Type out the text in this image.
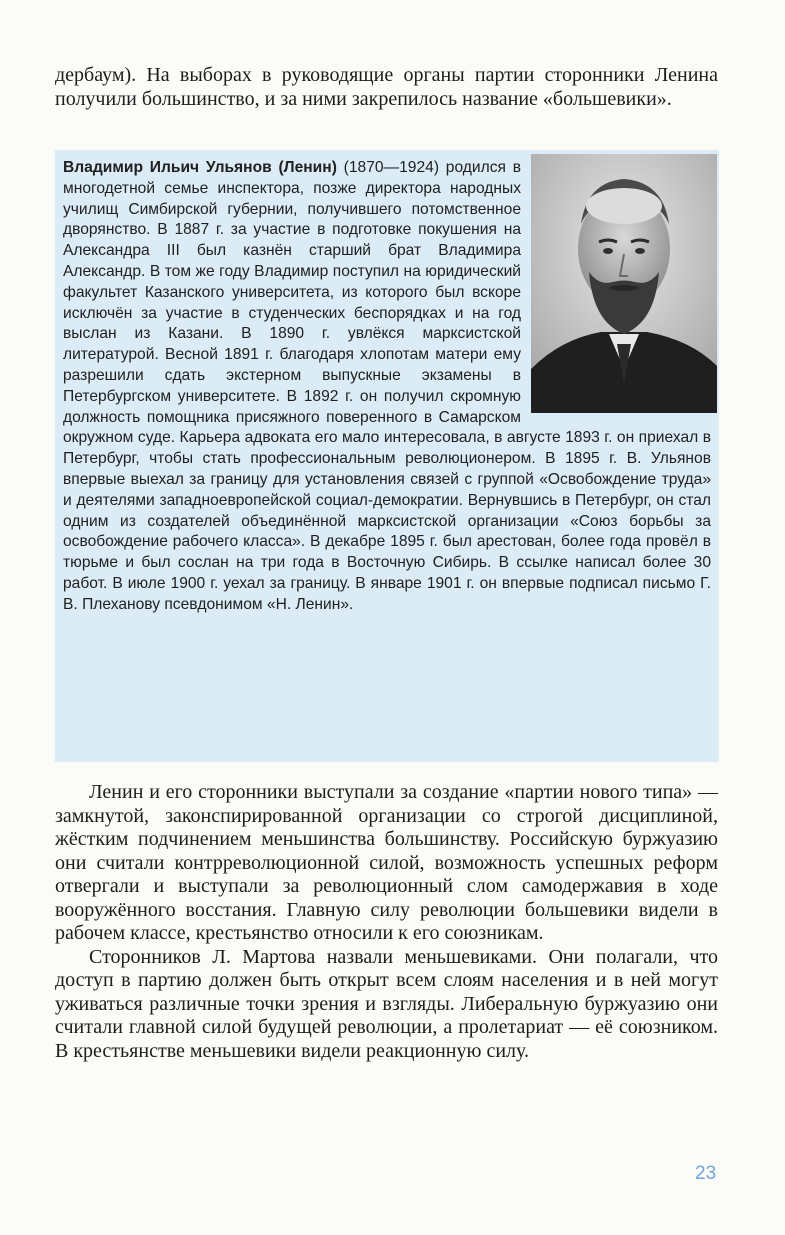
дербаум). На выборах в руководящие органы партии сторонники Ленина получили большинство, и за ними закрепилось название «большевики».

Владимир Ильич Ульянов (Ленин) (1870—1924) родился в многодетной семье инспектора, позже директора народных училищ Симбирской губернии, получившего потомственное дворянство. В 1887 г. за участие в подготовке покушения на Александра III был казнён старший брат Владимира Александр. В том же году Владимир поступил на юридический факультет Казанского университета, из которого был вскоре исключён за участие в студенческих беспорядках и на год выслан из Казани. В 1890 г. увлёкся марксистской литературой. Весной 1891 г. благодаря хлопотам матери ему разрешили сдать экстерном выпускные экзамены в Петербургском университете. В 1892 г. он получил скромную должность помощника присяжного поверенного в Самарском окружном суде. Карьера адвоката его мало интересовала, в августе 1893 г. он приехал в Петербург, чтобы стать профессиональным революционером. В 1895 г. В. Ульянов впервые выехал за границу для установления связей с группой «Освобождение труда» и деятелями западноевропейской социал-демократии. Вернувшись в Петербург, он стал одним из создателей объединённой марксистской организации «Союз борьбы за освобождение рабочего класса». В декабре 1895 г. был арестован, более года провёл в тюрьме и был сослан на три года в Восточную Сибирь. В ссылке написал более 30 работ. В июле 1900 г. уехал за границу. В январе 1901 г. он впервые подписал письмо Г. В. Плеханову псевдонимом «Н. Ленин».

Ленин и его сторонники выступали за создание «партии нового типа» — замкнутой, законспирированной организации со строгой дисциплиной, жёстким подчинением меньшинства большинству. Российскую буржуазию они считали контрреволюционной силой, возможность успешных реформ отвергали и выступали за революционный слом самодержавия в ходе вооружённого восстания. Главную силу революции большевики видели в рабочем классе, крестьянство относили к его союзникам.

Сторонников Л. Мартова назвали меньшевиками. Они полагали, что доступ в партию должен быть открыт всем слоям населения и в ней могут уживаться различные точки зрения и взгляды. Либеральную буржуазию они считали главной силой будущей революции, а пролетариат — её союзником. В крестьянстве меньшевики видели реакционную силу.

23
